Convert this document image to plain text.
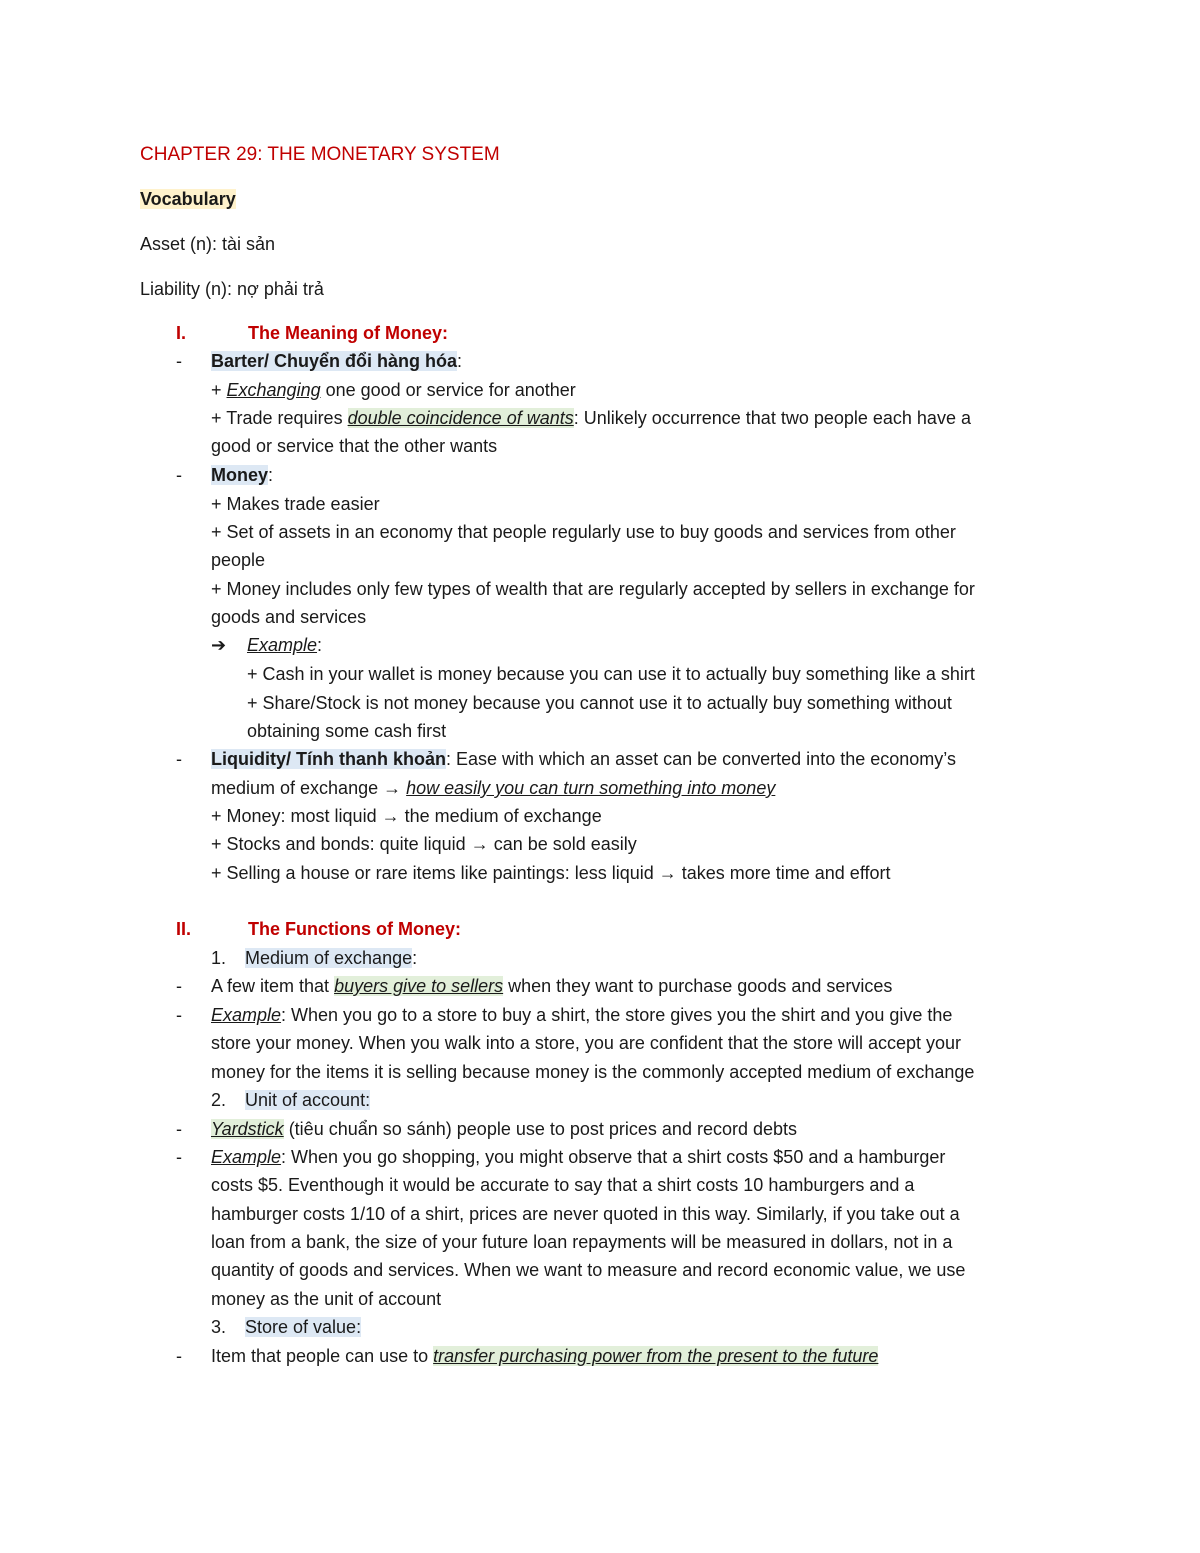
CHAPTER 29: THE MONETARY SYSTEM
Vocabulary
Asset (n): tài sản
Liability (n): nợ phải trả
I.	The Meaning of Money:
- Barter/ Chuyển đổi hàng hóa:
+ Exchanging one good or service for another
+ Trade requires double coincidence of wants: Unlikely occurrence that two people each have a
good or service that the other wants
- Money:
+ Makes trade easier
+ Set of assets in an economy that people regularly use to buy goods and services from other
people
+ Money includes only few types of wealth that are regularly accepted by sellers in exchange for
goods and services
➔ Example:
+ Cash in your wallet is money because you can use it to actually buy something like a shirt
+ Share/Stock is not money because you cannot use it to actually buy something without
obtaining some cash first
- Liquidity/ Tính thanh khoản: Ease with which an asset can be converted into the economy’s
medium of exchange → how easily you can turn something into money
+ Money: most liquid → the medium of exchange
+ Stocks and bonds: quite liquid → can be sold easily
+ Selling a house or rare items like paintings: less liquid → takes more time and effort
II.	The Functions of Money:
1. Medium of exchange:
- A few item that buyers give to sellers when they want to purchase goods and services
- Example: When you go to a store to buy a shirt, the store gives you the shirt and you give the
store your money. When you walk into a store, you are confident that the store will accept your
money for the items it is selling because money is the commonly accepted medium of exchange
2. Unit of account:
- Yardstick (tiêu chuẩn so sánh) people use to post prices and record debts
- Example: When you go shopping, you might observe that a shirt costs $50 and a hamburger
costs $5. Eventhough it would be accurate to say that a shirt costs 10 hamburgers and a
hamburger costs 1/10 of a shirt, prices are never quoted in this way. Similarly, if you take out a
loan from a bank, the size of your future loan repayments will be measured in dollars, not in a
quantity of goods and services. When we want to measure and record economic value, we use
money as the unit of account
3. Store of value:
- Item that people can use to transfer purchasing power from the present to the future
